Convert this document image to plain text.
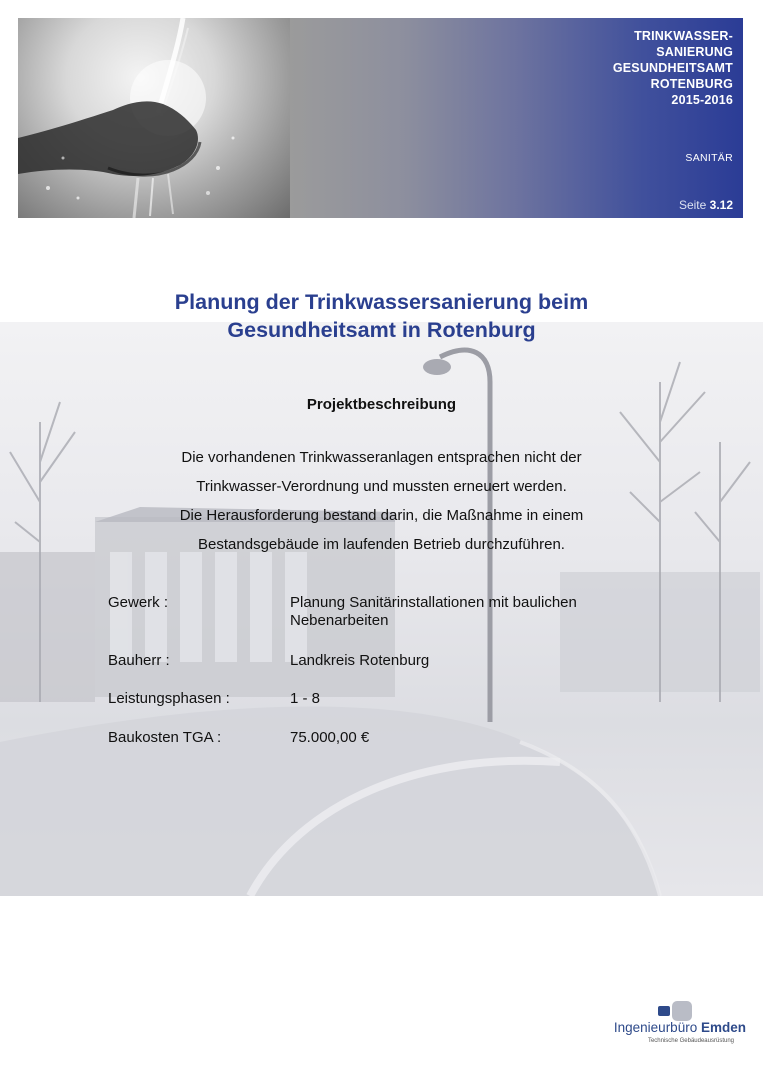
TRINKWASSER-
SANIERUNG
GESUNDHEITSAMT
ROTENBURG
2015-2016
SANITÄR
Seite 3.12
Planung der Trinkwassersanierung beim
Gesundheitsamt in Rotenburg
Projektbeschreibung
Die vorhandenen Trinkwasseranlagen entsprachen nicht der
Trinkwasser-Verordnung und mussten erneuert werden.
Die Herausforderung bestand darin, die Maßnahme in einem
Bestandsgebäude im laufenden Betrieb durchzuführen.
Gewerk :	Planung Sanitärinstallationen mit baulichen
Nebenarbeiten
Bauherr :	Landkreis Rotenburg
Leistungsphasen :	1 - 8
Baukosten TGA :	75.000,00 €
Ingenieurbüro Emden
Technische Gebäudeausrüstung
